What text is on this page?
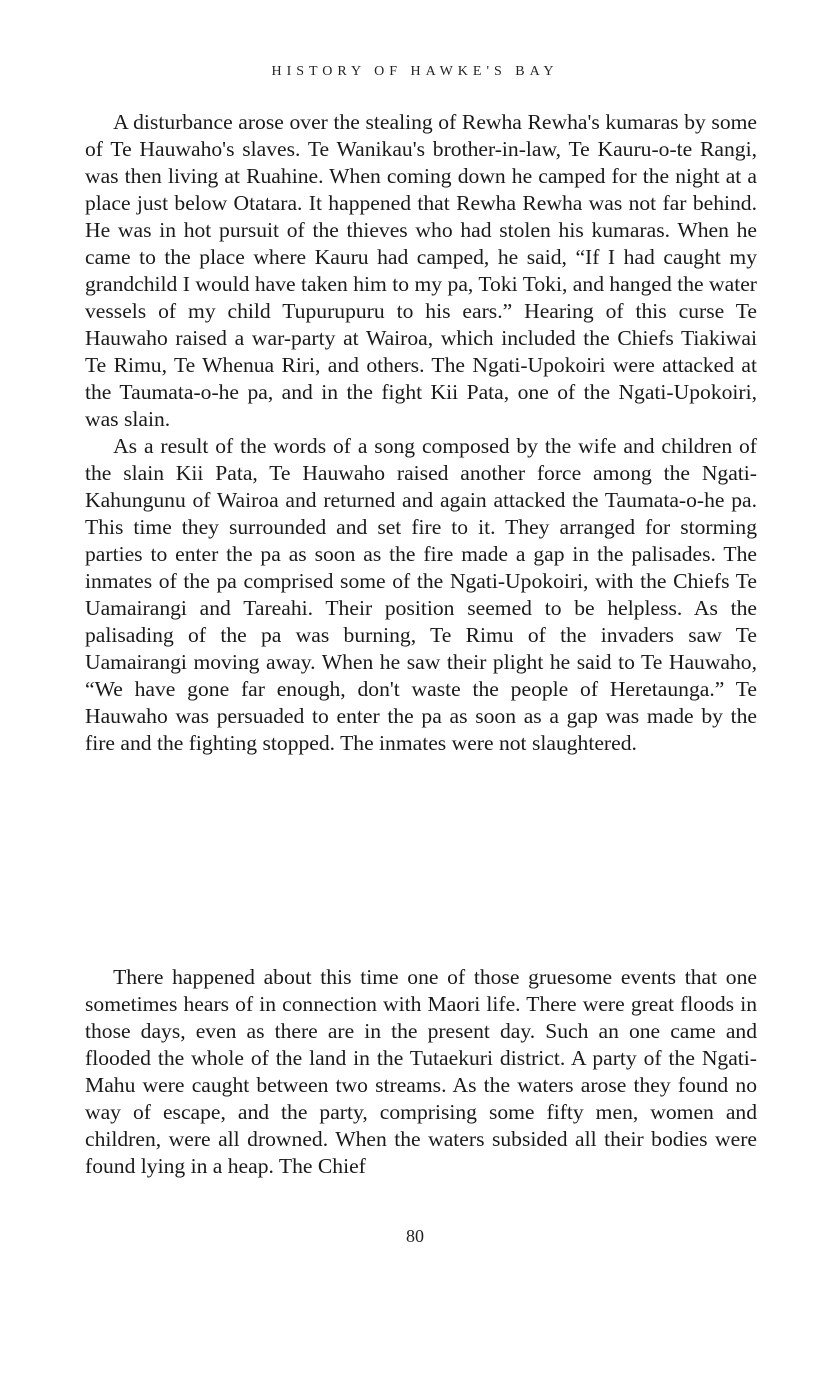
HISTORY OF HAWKE'S BAY

A disturbance arose over the stealing of Rewha Rewha's kumaras by some of Te Hauwaho's slaves. Te Wanikau's brother-in-law, Te Kauru-o-te Rangi, was then living at Ruahine. When coming down he camped for the night at a place just below Otatara. It happened that Rewha Rewha was not far behind. He was in hot pursuit of the thieves who had stolen his kumaras. When he came to the place where Kauru had camped, he said, “If I had caught my grandchild I would have taken him to my pa, Toki Toki, and hanged the water vessels of my child Tupurupuru to his ears.” Hearing of this curse Te Hauwaho raised a war-party at Wairoa, which included the Chiefs Tiakiwai Te Rimu, Te Whenua Riri, and others. The Ngati-Upokoiri were attacked at the Taumata-o-he pa, and in the fight Kii Pata, one of the Ngati-Upokoiri, was slain.

As a result of the words of a song composed by the wife and children of the slain Kii Pata, Te Hauwaho raised another force among the Ngati-Kahungunu of Wairoa and returned and again attacked the Taumata-o-he pa. This time they surrounded and set fire to it. They arranged for storming parties to enter the pa as soon as the fire made a gap in the palisades. The inmates of the pa comprised some of the Ngati-Upokoiri, with the Chiefs Te Uamairangi and Tareahi. Their position seemed to be helpless. As the palisading of the pa was burning, Te Rimu of the invaders saw Te Uamairangi moving away. When he saw their plight he said to Te Hauwaho, “We have gone far enough, don't waste the people of Heretaunga.” Te Hauwaho was persuaded to enter the pa as soon as a gap was made by the fire and the fighting stopped. The inmates were not slaughtered.

There happened about this time one of those gruesome events that one sometimes hears of in connection with Maori life. There were great floods in those days, even as there are in the present day. Such an one came and flooded the whole of the land in the Tutaekuri district. A party of the Ngati-Mahu were caught between two streams. As the waters arose they found no way of escape, and the party, comprising some fifty men, women and children, were all drowned. When the waters subsided all their bodies were found lying in a heap. The Chief

80
